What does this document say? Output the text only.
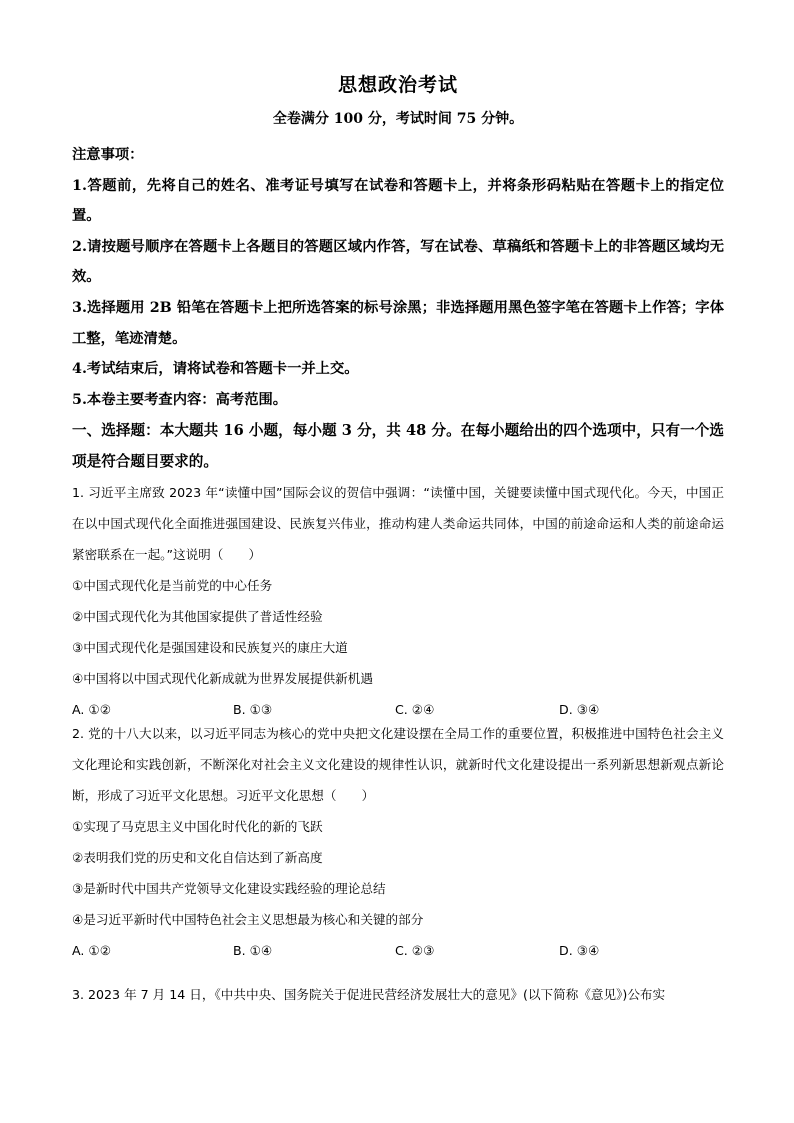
思想政治考试
全卷满分 100 分，考试时间 75 分钟。

注意事项：

1.答题前，先将自己的姓名、准考证号填写在试卷和答题卡上，并将条形码粘贴在答题卡上的指定位置。

2.请按题号顺序在答题卡上各题目的答题区域内作答，写在试卷、草稿纸和答题卡上的非答题区域均无效。

3.选择题用 2B 铅笔在答题卡上把所选答案的标号涂黑；非选择题用黑色签字笔在答题卡上作答；字体工整，笔迹清楚。

4.考试结束后，请将试卷和答题卡一并上交。

5.本卷主要考查内容：高考范围。

一、选择题：本大题共 16 小题，每小题 3 分，共 48 分。在每小题给出的四个选项中，只有一个选项是符合题目要求的。

1. 习近平主席致 2023 年“读懂中国”国际会议的贺信中强调：“读懂中国，关键要读懂中国式现代化。今天，中国正在以中国式现代化全面推进强国建设、民族复兴伟业，推动构建人类命运共同体，中国的前途命运和人类的前途命运紧密联系在一起。”这说明（　　）

①中国式现代化是当前党的中心任务

②中国式现代化为其他国家提供了普适性经验

③中国式现代化是强国建设和民族复兴的康庄大道

④中国将以中国式现代化新成就为世界发展提供新机遇

A. ①②	B. ①③	C. ②④	D. ③④

2. 党的十八大以来，以习近平同志为核心的党中央把文化建设摆在全局工作的重要位置，积极推进中国特色社会主义文化理论和实践创新，不断深化对社会主义文化建设的规律性认识，就新时代文化建设提出一系列新思想新观点新论断，形成了习近平文化思想。习近平文化思想（　　）

①实现了马克思主义中国化时代化的新的飞跃

②表明我们党的历史和文化自信达到了新高度

③是新时代中国共产党领导文化建设实践经验的理论总结

④是习近平新时代中国特色社会主义思想最为核心和关键的部分

A. ①②	B. ①④	C. ②③	D. ③④

3. 2023 年 7 月 14 日，《中共中央、国务院关于促进民营经济发展壮大的意见》(以下简称《意见》)公布实
